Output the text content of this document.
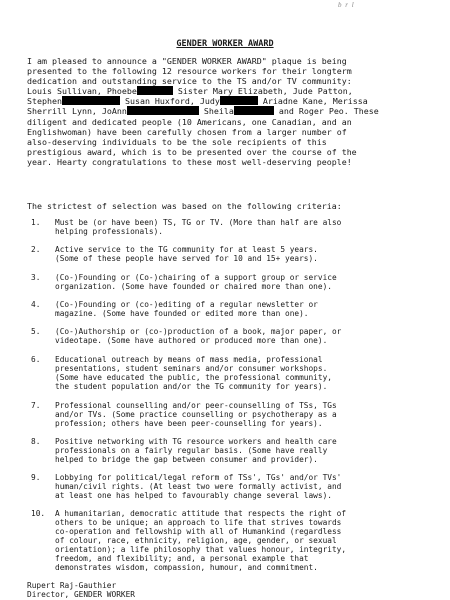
b r l
GENDER WORKER AWARD
I am pleased to announce a "GENDER WORKER AWARD" plaque is being
presented to the following 12 resource workers for their longterm
dedication and outstanding service to the TS and/or TV community:
Louis Sullivan, Phoebe	Sister Mary Elizabeth, Jude Patton,
Stephen	Susan Huxford, Judy	Ariadne Kane, Merissa
Sherrill Lynn, JoAnn	Sheila	and Roger Peo. These
diligent and dedicated people (10 Americans, one Canadian, and an
Englishwoman) have been carefully chosen from a larger number of
also-deserving individuals to be the sole recipients of this
prestigious award, which is to be presented over the course of the
year. Hearty congratulations to these most well-deserving people!
The strictest of selection was based on the following criteria:
1. Must be (or have been) TS, TG or TV. (More than half are also
helping professionals).
2. Active service to the TG community for at least 5 years.
(Some of these people have served for 10 and 15+ years).
3. (Co-)Founding or (Co-)chairing of a support group or service
organization. (Some have founded or chaired more than one).
4. (Co-)Founding or (co-)editing of a regular newsletter or
magazine. (Some have founded or edited more than one).
5. (Co-)Authorship or (co-)production of a book, major paper, or
videotape. (Some have authored or produced more than one).
6. Educational outreach by means of mass media, professional
presentations, student seminars and/or consumer workshops.
(Some have educated the public, the professional community,
the student population and/or the TG community for years).
7. Professional counselling and/or peer-counselling of TSs, TGs
and/or TVs. (Some practice counselling or psychotherapy as a
profession; others have been peer-counselling for years).
8. Positive networking with TG resource workers and health care
professionals on a fairly regular basis. (Some have really
helped to bridge the gap between consumer and provider).
9. Lobbying for political/legal reform of TSs', TGs' and/or TVs'
human/civil rights. (At least two were formally activist, and
at least one has helped to favourably change several laws).
Rupert Raj-Gauthier
Director, GENDER WORKER
10. A humanitarian, democratic attitude that respects the right of
others to be unique; an approach to life that strives towards
co-operation and fellowship with all of Humankind (regardless
of colour, race, ethnicity, religion, age, gender, or sexual
orientation); a life philosophy that values honour, integrity,
freedom, and flexibility; and, a personal example that
demonstrates wisdom, compassion, humour, and commitment.
